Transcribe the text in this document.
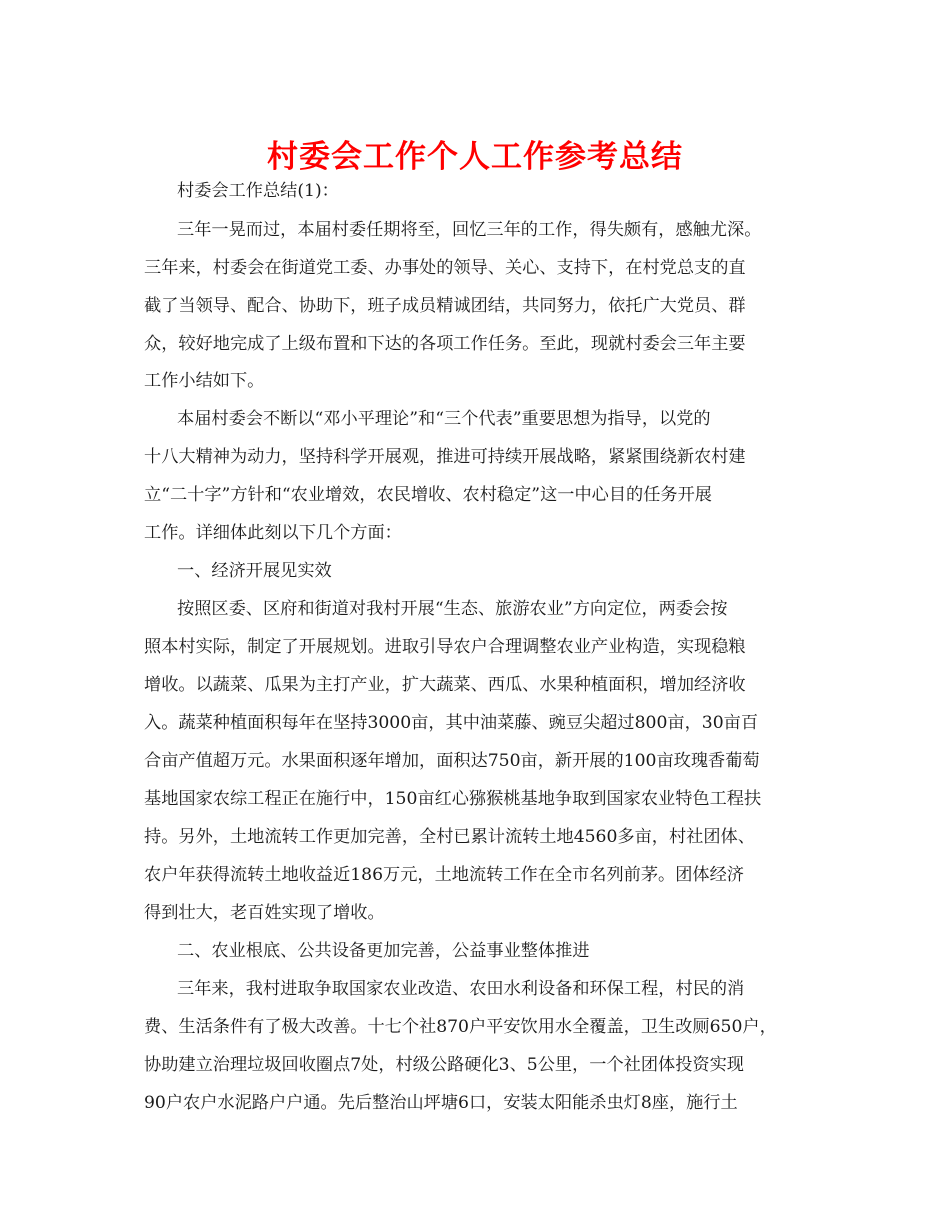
村委会工作个人工作参考总结
村委会工作总结(1)：
三年一晃而过，本届村委任期将至，回忆三年的工作，得失颇有，感触尤深。
三年来，村委会在街道党工委、办事处的领导、关心、支持下，在村党总支的直
截了当领导、配合、协助下，班子成员精诚团结，共同努力，依托广大党员、群
众，较好地完成了上级布置和下达的各项工作任务。至此，现就村委会三年主要
工作小结如下。
本届村委会不断以“邓小平理论”和“三个代表”重要思想为指导，以党的
十八大精神为动力，坚持科学开展观，推进可持续开展战略，紧紧围绕新农村建
立“二十字”方针和“农业增效，农民增收、农村稳定”这一中心目的任务开展
工作。详细体此刻以下几个方面：
一、经济开展见实效
按照区委、区府和街道对我村开展“生态、旅游农业”方向定位，两委会按
照本村实际，制定了开展规划。进取引导农户合理调整农业产业构造，实现稳粮
增收。以蔬菜、瓜果为主打产业，扩大蔬菜、西瓜、水果种植面积，增加经济收
入。蔬菜种植面积每年在坚持3000亩，其中油菜藤、豌豆尖超过800亩，30亩百
合亩产值超万元。水果面积逐年增加，面积达750亩，新开展的100亩玫瑰香葡萄
基地国家农综工程正在施行中，150亩红心猕猴桃基地争取到国家农业特色工程扶
持。另外，土地流转工作更加完善，全村已累计流转土地4560多亩，村社团体、
农户年获得流转土地收益近186万元，土地流转工作在全市名列前茅。团体经济
得到壮大，老百姓实现了增收。
二、农业根底、公共设备更加完善，公益事业整体推进
三年来，我村进取争取国家农业改造、农田水利设备和环保工程，村民的消
费、生活条件有了极大改善。十七个社870户平安饮用水全覆盖，卫生改厕650户，
协助建立治理垃圾回收圈点7处，村级公路硬化3、5公里，一个社团体投资实现
90户农户水泥路户户通。先后整治山坪塘6口，安装太阳能杀虫灯8座，施行土
